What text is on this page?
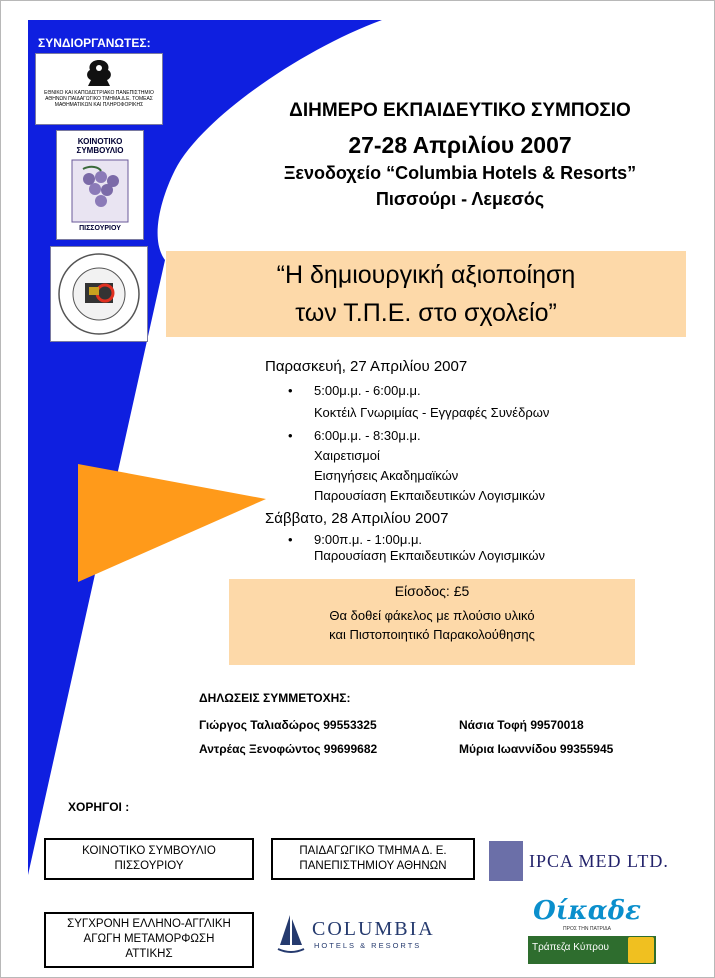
ΣΥΝΔΙΟΡΓΑΝΩΤΕΣ:
ΕΘΝΙΚΟ ΚΑΙ ΚΑΠΟΔΙΣΤΡΙΑΚΟ ΠΑΝΕΠΙΣΤΗΜΙΟ ΑΘΗΝΩΝ ΠΑΙΔΑΓΩΓΙΚΟ ΤΜΗΜΑ Δ.Ε. ΤΟΜΕΑΣ ΜΑΘΗΜΑΤΙΚΩΝ ΚΑΙ ΠΛΗΡΟΦΟΡΙΚΗΣ
ΚΟΙΝΟΤΙΚΟ ΣΥΜΒΟΥΛΙΟ
ΠΙΣΣΟΥΡΙΟΥ
ΔΙΗΜΕΡΟ ΕΚΠΑΙΔΕΥΤΙΚΟ ΣΥΜΠΟΣΙΟ
27-28 Απριλίου 2007
Ξενοδοχείο “Columbia Hotels & Resorts”
Πισσούρι - Λεμεσός
“Η δημιουργική αξιοποίηση
των Τ.Π.Ε. στο σχολείο”
Παρασκευή, 27 Απριλίου 2007
• 5:00μ.μ. - 6:00μ.μ.
Κοκτέιλ Γνωριμίας - Εγγραφές Συνέδρων
• 6:00μ.μ. - 8:30μ.μ.
Χαιρετισμοί
Εισηγήσεις Ακαδημαϊκών
Παρουσίαση Εκπαιδευτικών Λογισμικών
Σάββατο, 28 Απριλίου 2007
• 9:00π.μ. - 1:00μ.μ.
Παρουσίαση Εκπαιδευτικών Λογισμικών
Είσοδος: £5
Θα δοθεί φάκελος με πλούσιο υλικό
και Πιστοποιητικό Παρακολούθησης
ΔΗΛΩΣΕΙΣ ΣΥΜΜΕΤΟΧΗΣ:
Γιώργος Ταλιαδώρος 99553325	Νάσια Τοφή 99570018
Αντρέας Ξενοφώντος 99699682	Μύρια Ιωαννίδου 99355945
ΧΟΡΗΓΟΙ :
ΚΟΙΝΟΤΙΚΟ ΣΥΜΒΟΥΛΙΟ
ΠΙΣΣΟΥΡΙΟΥ
ΠΑΙΔΑΓΩΓΙΚΟ ΤΜΗΜΑ Δ. Ε.
ΠΑΝΕΠΙΣΤΗΜΙΟΥ ΑΘΗΝΩΝ
ΣΥΓΧΡΟΝΗ ΕΛΛΗΝΟ-ΑΓΓΛΙΚΗ
ΑΓΩΓΗ ΜΕΤΑΜΟΡΦΩΣΗ
ΑΤΤΙΚΗΣ
IPCA MED LTD.
COLUMBIA
HOTELS & RESORTS
Οίκαδε
ΠΡΟΣ ΤΗΝ ΠΑΤΡΙΔΑ
Τράπεζα Κύπρου
